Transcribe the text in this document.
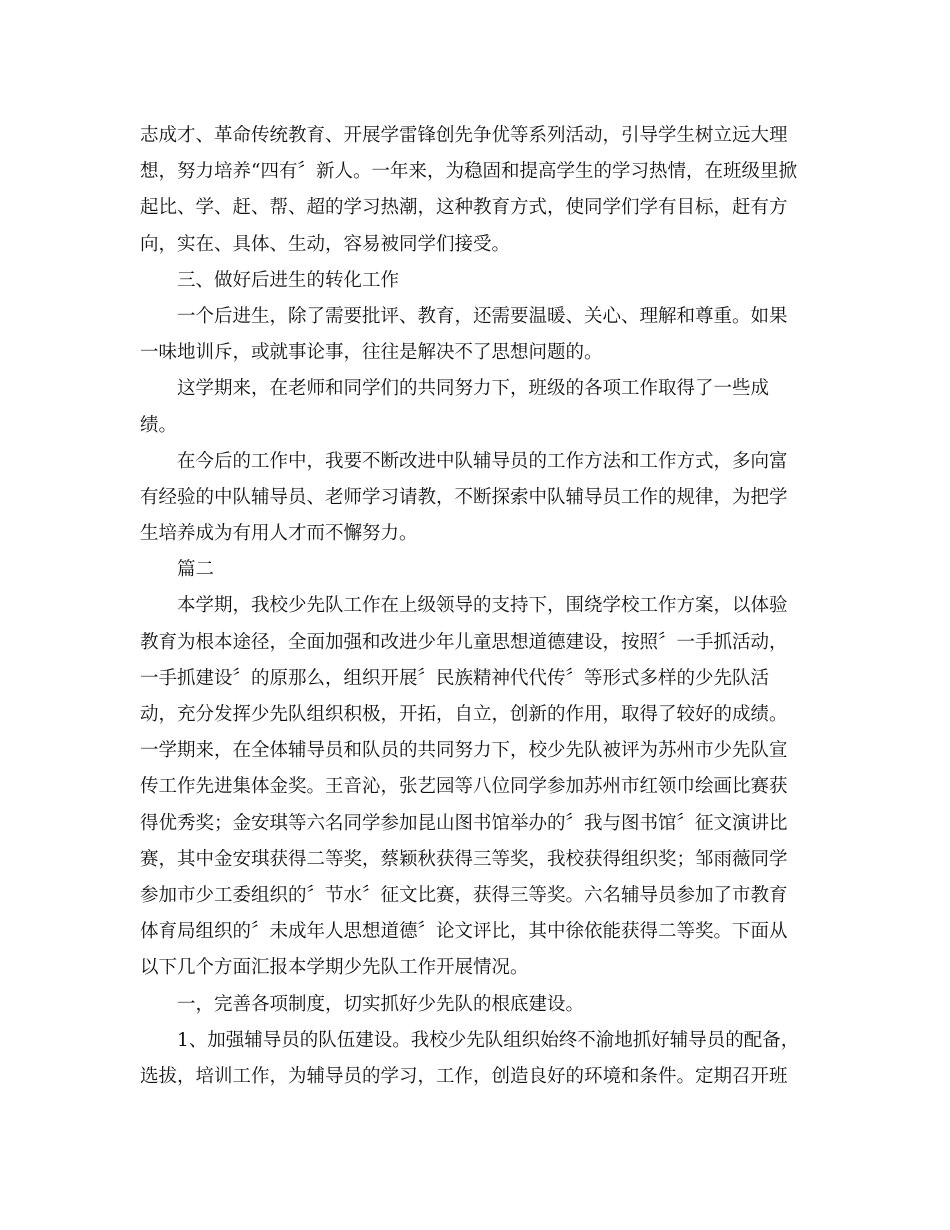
志成才、革命传统教育、开展学雷锋创先争优等系列活动，引导学生树立远大理
想，努力培养“四有〞新人。一年来，为稳固和提高学生的学习热情，在班级里掀
起比、学、赶、帮、超的学习热潮，这种教育方式，使同学们学有目标，赶有方
向，实在、具体、生动，容易被同学们接受。
三、做好后进生的转化工作
一个后进生，除了需要批评、教育，还需要温暖、关心、理解和尊重。如果
一味地训斥，或就事论事，往往是解决不了思想问题的。
这学期来，在老师和同学们的共同努力下，班级的各项工作取得了一些成
绩。
在今后的工作中，我要不断改进中队辅导员的工作方法和工作方式，多向富
有经验的中队辅导员、老师学习请教，不断探索中队辅导员工作的规律，为把学
生培养成为有用人才而不懈努力。
篇二
本学期，我校少先队工作在上级领导的支持下，围绕学校工作方案，以体验
教育为根本途径，全面加强和改进少年儿童思想道德建设，按照〞一手抓活动，
一手抓建设〞的原那么，组织开展〞民族精神代代传〞等形式多样的少先队活
动，充分发挥少先队组织积极，开拓，自立，创新的作用，取得了较好的成绩。
一学期来，在全体辅导员和队员的共同努力下，校少先队被评为苏州市少先队宣
传工作先进集体金奖。王音沁，张艺园等八位同学参加苏州市红领巾绘画比赛获
得优秀奖；金安琪等六名同学参加昆山图书馆举办的〞我与图书馆〞征文演讲比
赛，其中金安琪获得二等奖，蔡颖秋获得三等奖，我校获得组织奖；邹雨薇同学
参加市少工委组织的〞节水〞征文比赛，获得三等奖。六名辅导员参加了市教育
体育局组织的〞未成年人思想道德〞论文评比，其中徐依能获得二等奖。下面从
以下几个方面汇报本学期少先队工作开展情况。
一，完善各项制度，切实抓好少先队的根底建设。
1、加强辅导员的队伍建设。我校少先队组织始终不渝地抓好辅导员的配备，
选拔，培训工作，为辅导员的学习，工作，创造良好的环境和条件。定期召开班
